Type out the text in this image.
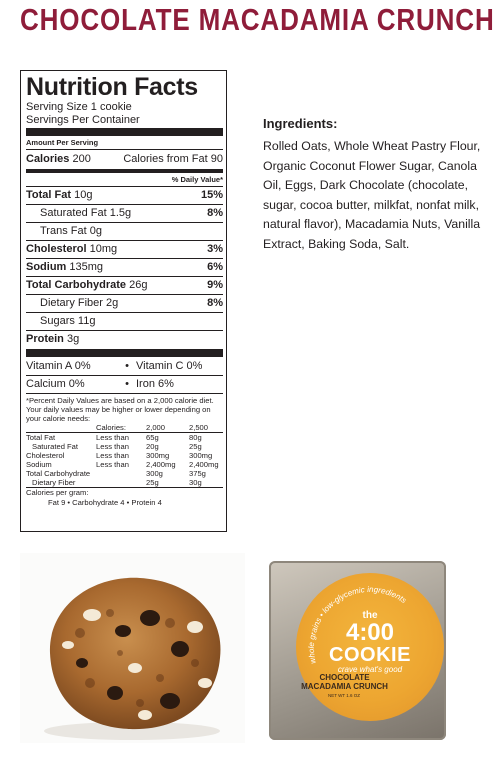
CHOCOLATE MACADAMIA CRUNCH
Nutrition Facts
Serving Size 1 cookie
Servings Per Container
Amount Per Serving
Calories 200	Calories from Fat 90
% Daily Value*
Total Fat 10g	15%
Saturated Fat 1.5g	8%
Trans Fat 0g
Cholesterol 10mg	3%
Sodium 135mg	6%
Total Carbohydrate 26g	9%
Dietary Fiber 2g	8%
Sugars 11g
Protein 3g
Vitamin A 0%	• Vitamin C 0%
Calcium 0%	• Iron 6%
*Percent Daily Values are based on a 2,000 calorie diet. Your daily values may be higher or lower depending on your calorie needs:
	Calories:	2,000	2,500
Total Fat	Less than	65g	80g
Saturated Fat	Less than	20g	25g
Cholesterol	Less than	300mg	300mg
Sodium	Less than	2,400mg	2,400mg
Total Carbohydrate		300g	375g
Dietary Fiber		25g	30g
Calories per gram:
Fat 9 • Carbohydrate 4 • Protein 4
Ingredients:
Rolled Oats, Whole Wheat Pastry Flour, Organic Coconut Flower Sugar, Canola Oil, Eggs, Dark Chocolate (chocolate, sugar, cocoa butter, milkfat, nonfat milk, natural flavor), Macadamia Nuts, Vanilla Extract, Baking Soda, Salt.
whole grains • low-glycemic ingredients
the
4:00
COOKIE
crave what's good
CHOCOLATE
MACADAMIA CRUNCH
NET WT 1.6 OZ
